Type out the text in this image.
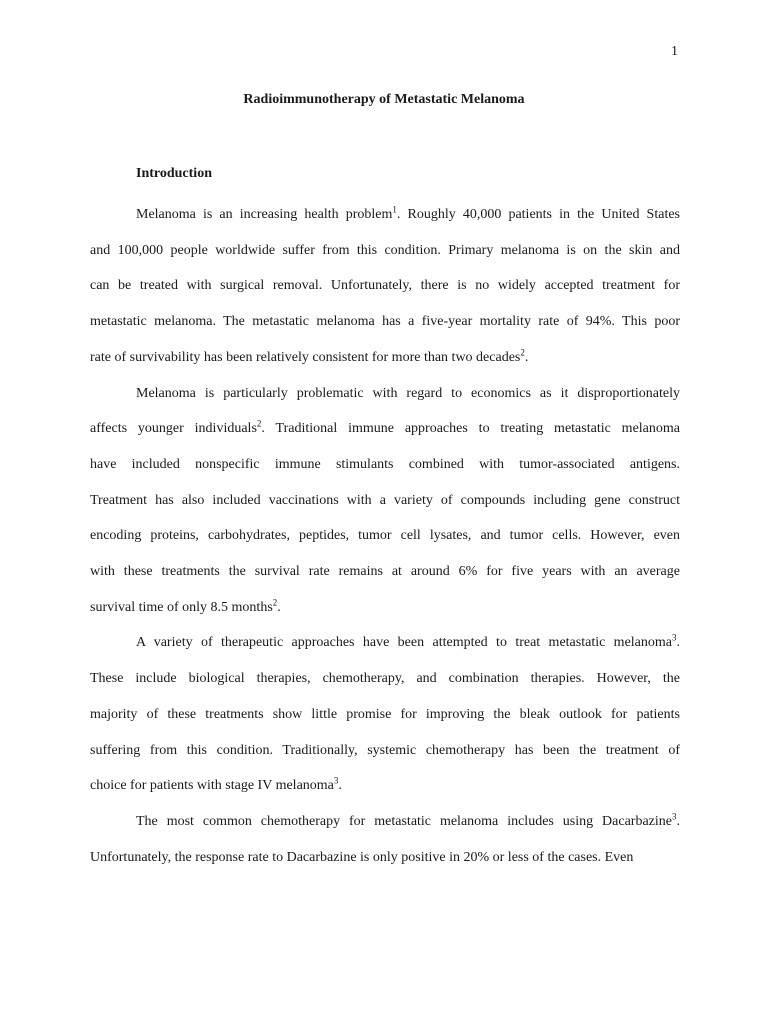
1
Radioimmunotherapy of Metastatic Melanoma
Introduction
Melanoma is an increasing health problem$^1$. Roughly 40,000 patients in the United States
and 100,000 people worldwide suffer from this condition. Primary melanoma is on the skin and
can be treated with surgical removal. Unfortunately, there is no widely accepted treatment for
metastatic melanoma. The metastatic melanoma has a five-year mortality rate of 94%. This poor
rate of survivability has been relatively consistent for more than two decades$^2$.
Melanoma is particularly problematic with regard to economics as it disproportionately
affects younger individuals$^2$. Traditional immune approaches to treating metastatic melanoma
have included nonspecific immune stimulants combined with tumor-associated antigens.
Treatment has also included vaccinations with a variety of compounds including gene construct
encoding proteins, carbohydrates, peptides, tumor cell lysates, and tumor cells. However, even
with these treatments the survival rate remains at around 6% for five years with an average
survival time of only 8.5 months$^2$.
A variety of therapeutic approaches have been attempted to treat metastatic melanoma$^3$.
These include biological therapies, chemotherapy, and combination therapies. However, the
majority of these treatments show little promise for improving the bleak outlook for patients
suffering from this condition. Traditionally, systemic chemotherapy has been the treatment of
choice for patients with stage IV melanoma$^3$.
The most common chemotherapy for metastatic melanoma includes using Dacarbazine$^3$.
Unfortunately, the response rate to Dacarbazine is only positive in 20% or less of the cases. Even
